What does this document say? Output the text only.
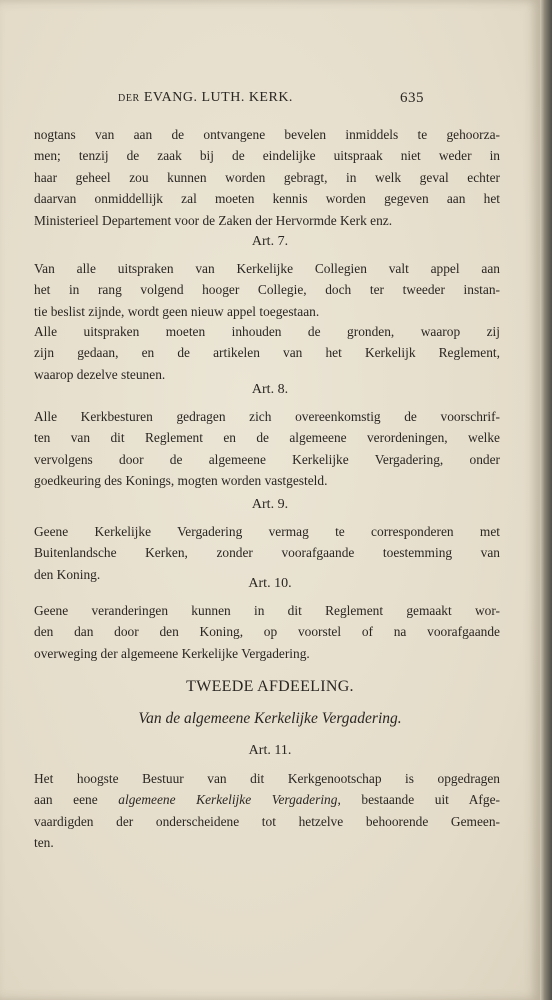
DER EVANG. LUTH. KERK.	635
nogtans van aan de ontvangene bevelen inmiddels te gehoorza-
men; tenzij de zaak bij de eindelijke uitspraak niet weder in
haar geheel zou kunnen worden gebragt, in welk geval echter
daarvan onmiddellijk zal moeten kennis worden gegeven aan het
Ministerieel Departement voor de Zaken der Hervormde Kerk enz.
Art. 7.
Van alle uitspraken van Kerkelijke Collegien valt appel aan
het in rang volgend hooger Collegie, doch ter tweeder instan-
tie beslist zijnde, wordt geen nieuw appel toegestaan.
Alle uitspraken moeten inhouden de gronden, waarop zij
zijn gedaan, en de artikelen van het Kerkelijk Reglement,
waarop dezelve steunen.
Art. 8.
Alle Kerkbesturen gedragen zich overeenkomstig de voorschrif-
ten van dit Reglement en de algemeene verordeningen, welke
vervolgens door de algemeene Kerkelijke Vergadering, onder
goedkeuring des Konings, mogten worden vastgesteld.
Art. 9.
Geene Kerkelijke Vergadering vermag te corresponderen met
Buitenlandsche Kerken, zonder voorafgaande toestemming van
den Koning.
Art. 10.
Geene veranderingen kunnen in dit Reglement gemaakt wor-
den dan door den Koning, op voorstel of na voorafgaande
overweging der algemeene Kerkelijke Vergadering.
TWEEDE AFDEELING.
Van de algemeene Kerkelijke Vergadering.
Art. 11.
Het hoogste Bestuur van dit Kerkgenootschap is opgedragen
aan eene algemeene Kerkelijke Vergadering, bestaande uit Afge-
vaardigden der onderscheidene tot hetzelve behoorende Gemeen-
ten.
